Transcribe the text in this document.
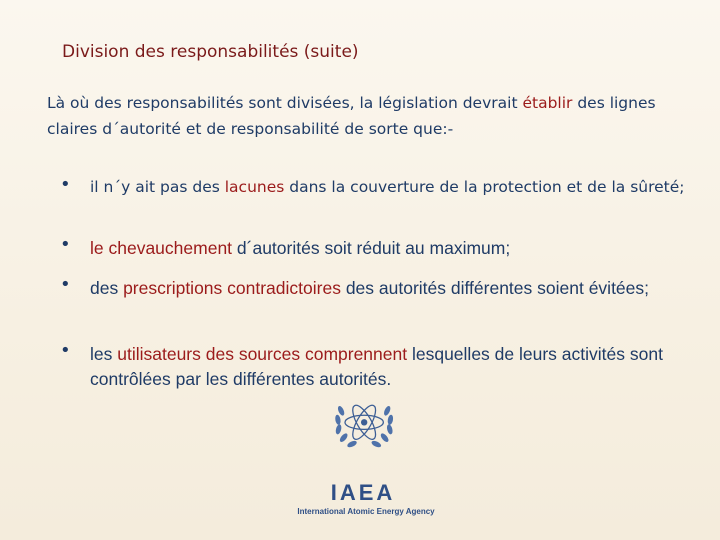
Division des responsabilités (suite)
Là où des responsabilités sont divisées, la législation devrait établir des lignes claires d´autorité et de responsabilité de sorte que:-
• il n´y ait pas des lacunes dans la couverture de la protection et de la sûreté;
• le chevauchement d´autorités soit réduit au maximum;
• des prescriptions contradictoires des autorités différentes soient évitées;
• les utilisateurs des sources comprennent lesquelles de leurs activités sont contrôlées par les différentes autorités.
IAEA
International Atomic Energy Agency
